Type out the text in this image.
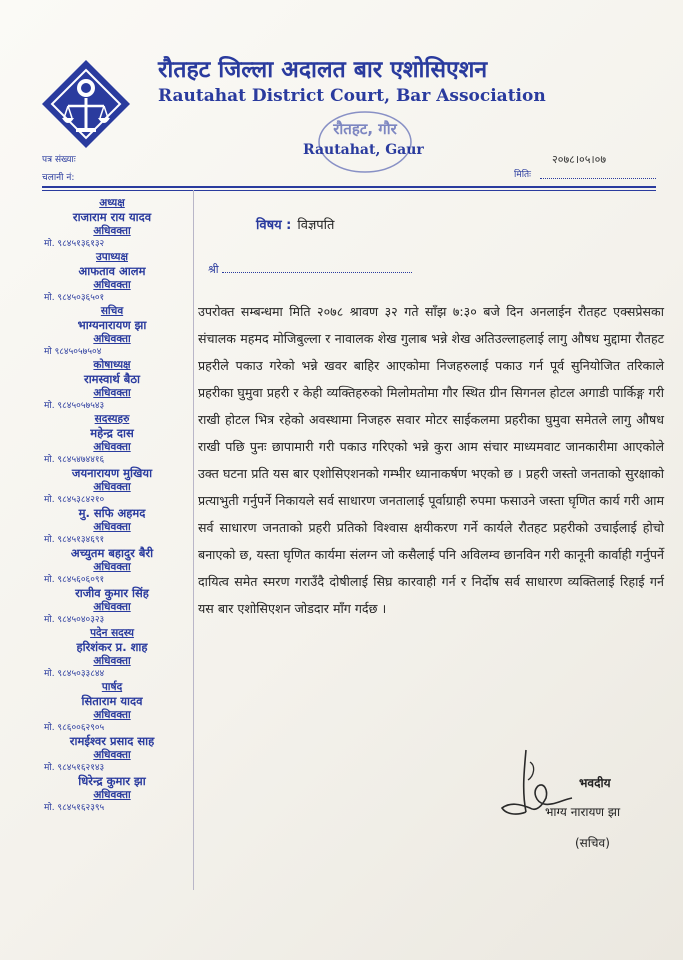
रौतहट जिल्ला अदालत बार एशोसिएशन
Rautahat District Court, Bar Association
रौतहट, गौर
Rautahat, Gaur
पत्र संख्याः
चलानी नं:	मितिः
२०७८।०५।०७
अध्यक्ष
राजाराम राय यादव
अधिवक्ता
मो. ९८४५१३६१३२
उपाध्यक्ष
आफताव आलम
अधिवक्ता
मो. ९८४५०३६५०१
सचिव
भाग्यनारायण झा
अधिवक्ता
मो ९८४५०५७५०४
कोषाध्यक्ष
रामस्वार्थ बैठा
अधिवक्ता
मो. ९८४५०५७५४३
सदस्यहरु
महेन्द्र दास
अधिवक्ता
मो. ९८४५४७४४१६
जयनारायण मुखिया
अधिवक्ता
मो. ९८४५३८४२१०
मु. सफि अहमद
अधिवक्ता
मो. ९८४५१३४६९१
अच्युतम बहादुर बैरी
अधिवक्ता
मो. ९८४५६०६०९१
राजीव कुमार सिंह
अधिवक्ता
मो. ९८४५०४०३२३
पदेन सदस्य
हरिशंकर प्र. शाह
अधिवक्ता
मो. ९८४५०३३८४४
पार्षद
सिताराम यादव
अधिवक्ता
मो. ९८६००६२९०५
रामईश्वर प्रसाद साह
अधिवक्ता
मो. ९८४५१६२१४३
धिरेन्द्र कुमार झा
अधिवक्ता
मो. ९८४५१६२३९५
विषय : विज्ञपति
श्री
उपरोक्त सम्बन्धमा मिति २०७८ श्रावण ३२ गते साँझ ७:३० बजे दिन अनलाईन रौतहट एक्सप्रेसका संचालक महमद मोजिबुल्ला र नावालक शेख गुलाब भन्ने शेख अतिउल्लाहलाई लागु औषध मुद्दामा रौतहट प्रहरीले पकाउ गरेको भन्ने खवर बाहिर आएकोमा निजहरुलाई पकाउ गर्न पूर्व सुनियोजित तरिकाले प्रहरीका घुमुवा प्रहरी र केही व्यक्तिहरुको मिलोमतोमा गौर स्थित ग्रीन सिगनल होटल अगाडी पार्किङ्ग गरी राखी होटल भित्र रहेको अवस्थामा निजहरु सवार मोटर साईकलमा प्रहरीका घुमुवा समेतले लागु औषध राखी पछि पुनः छापामारी गरी पकाउ गरिएको भन्ने कुरा आम संचार माध्यमवाट जानकारीमा आएकोले उक्त घटना प्रति यस बार एशोसिएशनको गम्भीर ध्यानाकर्षण भएको छ । प्रहरी जस्तो जनताको सुरक्षाको प्रत्याभुती गर्नुपर्ने निकायले सर्व साधारण जनतालाई पूर्वाग्राही रुपमा फसाउने जस्ता घृणित कार्य गरी आम सर्व साधारण जनताको प्रहरी प्रतिको विश्वास क्षयीकरण गर्ने कार्यले रौतहट प्रहरीको उचाईलाई होचो बनाएको छ, यस्ता घृणित कार्यमा संलग्न जो कसैलाई पनि अविलम्व छानविन गरी कानूनी कार्वाही गर्नुपर्ने दायित्व समेत स्मरण गराउँदै दोषीलाई सिघ्र कारवाही गर्न र निर्दोष सर्व साधारण व्यक्तिलाई रिहाई गर्न यस बार एशोसिएशन जोडदार माँग गर्दछ ।
भवदीय
भाग्य नारायण झा
(सचिव)
